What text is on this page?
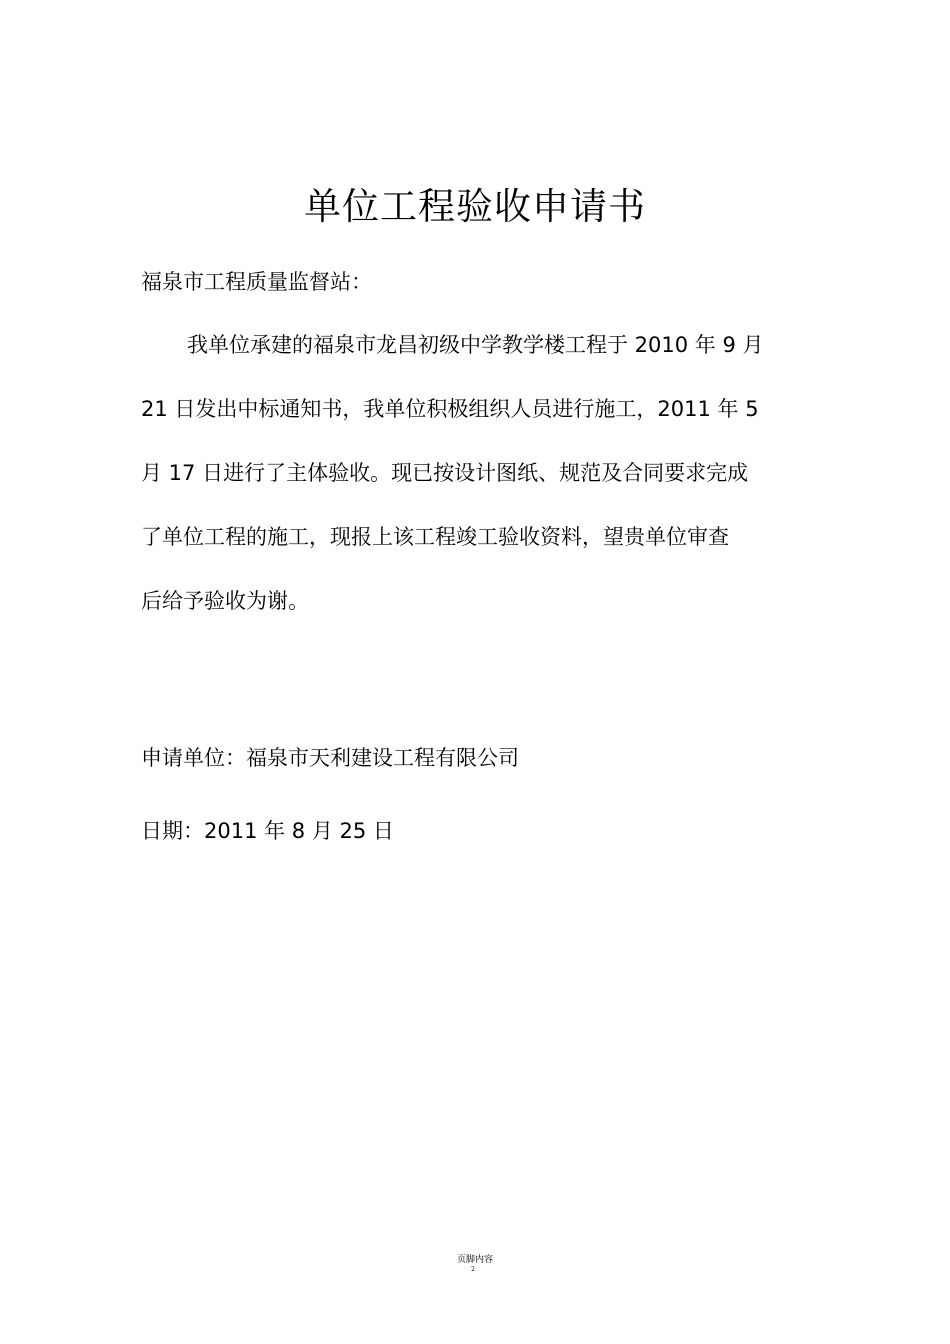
单位工程验收申请书
福泉市工程质量监督站：
我单位承建的福泉市龙昌初级中学教学楼工程于 2010 年 9 月
21 日发出中标通知书，我单位积极组织人员进行施工，2011 年 5
月 17 日进行了主体验收。现已按设计图纸、规范及合同要求完成
了单位工程的施工，现报上该工程竣工验收资料，望贵单位审查
后给予验收为谢。
申请单位：福泉市天利建设工程有限公司
日期：2011 年 8 月 25 日
页脚内容
2
